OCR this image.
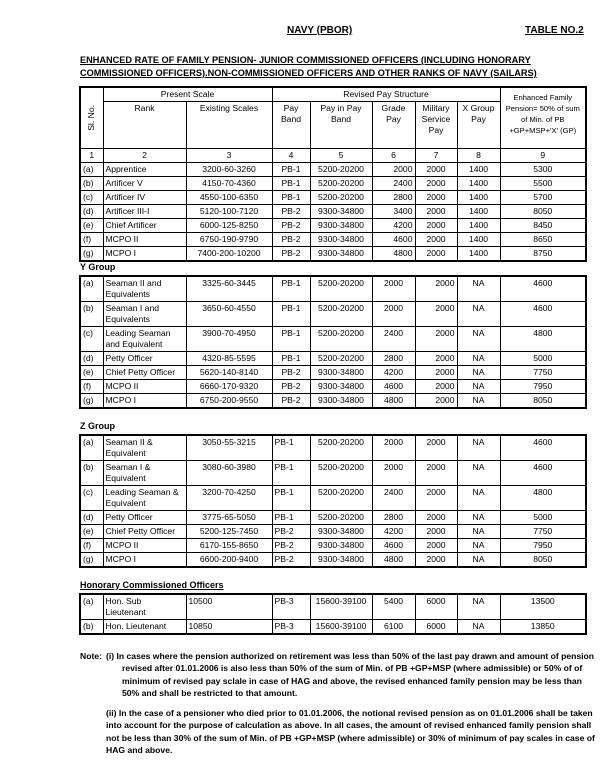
NAVY (PBOR)	TABLE NO.2
ENHANCED RATE OF FAMILY PENSION- JUNIOR COMMISSIONED OFFICERS (INCLUDING HONORARY
COMMISSIONED OFFICERS).NON-COMMISSIONED OFFICERS AND OTHER RANKS OF NAVY (SAILARS)
Sl. No.	Present Scale		Revised Pay Structure					Enhanced Family Pension= 50% of sum of Min. of PB +GP+MSP+'X' (GP)
	Rank	Existing Scales	Pay Band	Pay in Pay Band	Grade Pay	Military Service Pay	X Group Pay	
1	2	3	4	5	6	7	8	9
(a)	Apprentice	3200-60-3260	PB-1	5200-20200	2000	2000	1400	5300
(b)	Artificer V	4150-70-4360	PB-1	5200-20200	2400	2000	1400	5500
(c)	Artificer IV	4550-100-6350	PB-1	5200-20200	2800	2000	1400	5700
(d)	Artificer III-I	5120-100-7120	PB-2	9300-34800	3400	2000	1400	8050
(e)	Chief Artificer	6000-125-8250	PB-2	9300-34800	4200	2000	1400	8450
(f)	MCPO II	6750-190-9790	PB-2	9300-34800	4600	2000	1400	8650
(g)	MCPO I	7400-200-10200	PB-2	9300-34800	4800	2000	1400	8750
Y Group
(a)	Seaman II and Equivalents	3325-60-3445	PB-1	5200-20200	2000	2000	NA	4600
(b)	Seaman I and Equivalents	3650-60-4550	PB-1	5200-20200	2000	2000	NA	4600
(c)	Leading Seaman and Equivalent	3900-70-4950	PB-1	5200-20200	2400	2000	NA	4800
(d)	Petty Officer	4320-85-5595	PB-1	5200-20200	2800	2000	NA	5000
(e)	Chief Petty Officer	5620-140-8140	PB-2	9300-34800	4200	2000	NA	7750
(f)	MCPO II	6660-170-9320	PB-2	9300-34800	4600	2000	NA	7950
(g)	MCPO I	6750-200-9550	PB-2	9300-34800	4800	2000	NA	8050
Z Group
(a)	Seaman II & Equivalent	3050-55-3215	PB-1	5200-20200	2000	2000	NA	4600
(b)	Seaman I & Equivalent	3080-60-3980	PB-1	5200-20200	2000	2000	NA	4600
(c)	Leading Seaman & Equivalent	3200-70-4250	PB-1	5200-20200	2400	2000	NA	4800
(d)	Petty Officer	3775-65-5050	PB-1	5200-20200	2800	2000	NA	5000
(e)	Chief Petty Officer	5200-125-7450	PB-2	9300-34800	4200	2000	NA	7750
(f)	MCPO II	6170-155-8650	PB-2	9300-34800	4600	2000	NA	7950
(g)	MCPO I	6600-200-9400	PB-2	9300-34800	4800	2000	NA	8050
Honorary Commissioned Officers
(a)	Hon. Sub Lieutenant	10500	PB-3	15600-39100	5400	6000	NA	13500
(b)	Hon. Lieutenant	10850	PB-3	15600-39100	6100	6000	NA	13850
Note: (i) In cases where the pension authorized on retirement was less than 50% of the last pay drawn and amount of pension revised after 01.01.2006 is also less than 50% of the sum of Min. of PB +GP+MSP (where admissible) or 50% of of minimum of revised pay sclale in case of HAG and above, the revised enhanced family pension may be less than 50% and shall be restricted to that amount.
(ii) In the case of a pensioner who died prior to 01.01.2006, the notional revised pension as on 01.01.2006 shall be taken into account for the purpose of calculation as above. In all cases, the amount of revised enhanced family pension shall not be less than 30% of the sum of Min. of PB +GP+MSP (where admissible) or 30% of minimum of pay scales in case of HAG and above.
